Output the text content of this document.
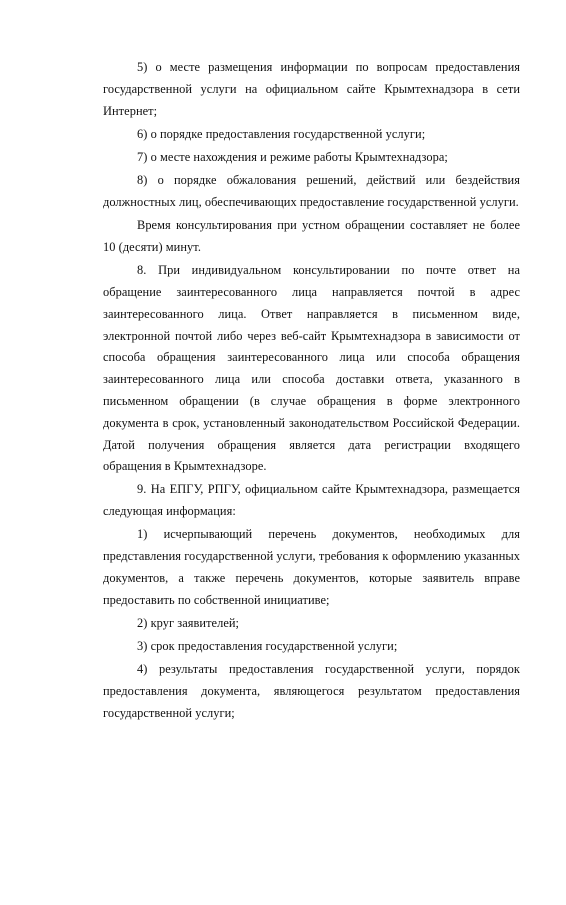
5) о месте размещения информации по вопросам предоставления государственной услуги на официальном сайте Крымтехнадзора в сети Интернет;

6) о порядке предоставления государственной услуги;

7) о месте нахождения и режиме работы Крымтехнадзора;

8) о порядке обжалования решений, действий или бездействия должностных лиц, обеспечивающих предоставление государственной услуги.

Время консультирования при устном обращении составляет не более 10 (десяти) минут.

8. При индивидуальном консультировании по почте ответ на обращение заинтересованного лица направляется почтой в адрес заинтересованного лица. Ответ направляется в письменном виде, электронной почтой либо через веб-сайт Крымтехнадзора в зависимости от способа обращения заинтересованного лица или способа обращения заинтересованного лица или способа доставки ответа, указанного в письменном обращении (в случае обращения в форме электронного документа в срок, установленный законодательством Российской Федерации. Датой получения обращения является дата регистрации входящего обращения в Крымтехнадзоре.

9. На ЕПГУ, РПГУ, официальном сайте Крымтехнадзора, размещается следующая информация:

1) исчерпывающий перечень документов, необходимых для представления государственной услуги, требования к оформлению указанных документов, а также перечень документов, которые заявитель вправе предоставить по собственной инициативе;

2) круг заявителей;

3) срок предоставления государственной услуги;

4) результаты предоставления государственной услуги, порядок предоставления документа, являющегося результатом предоставления государственной услуги;
